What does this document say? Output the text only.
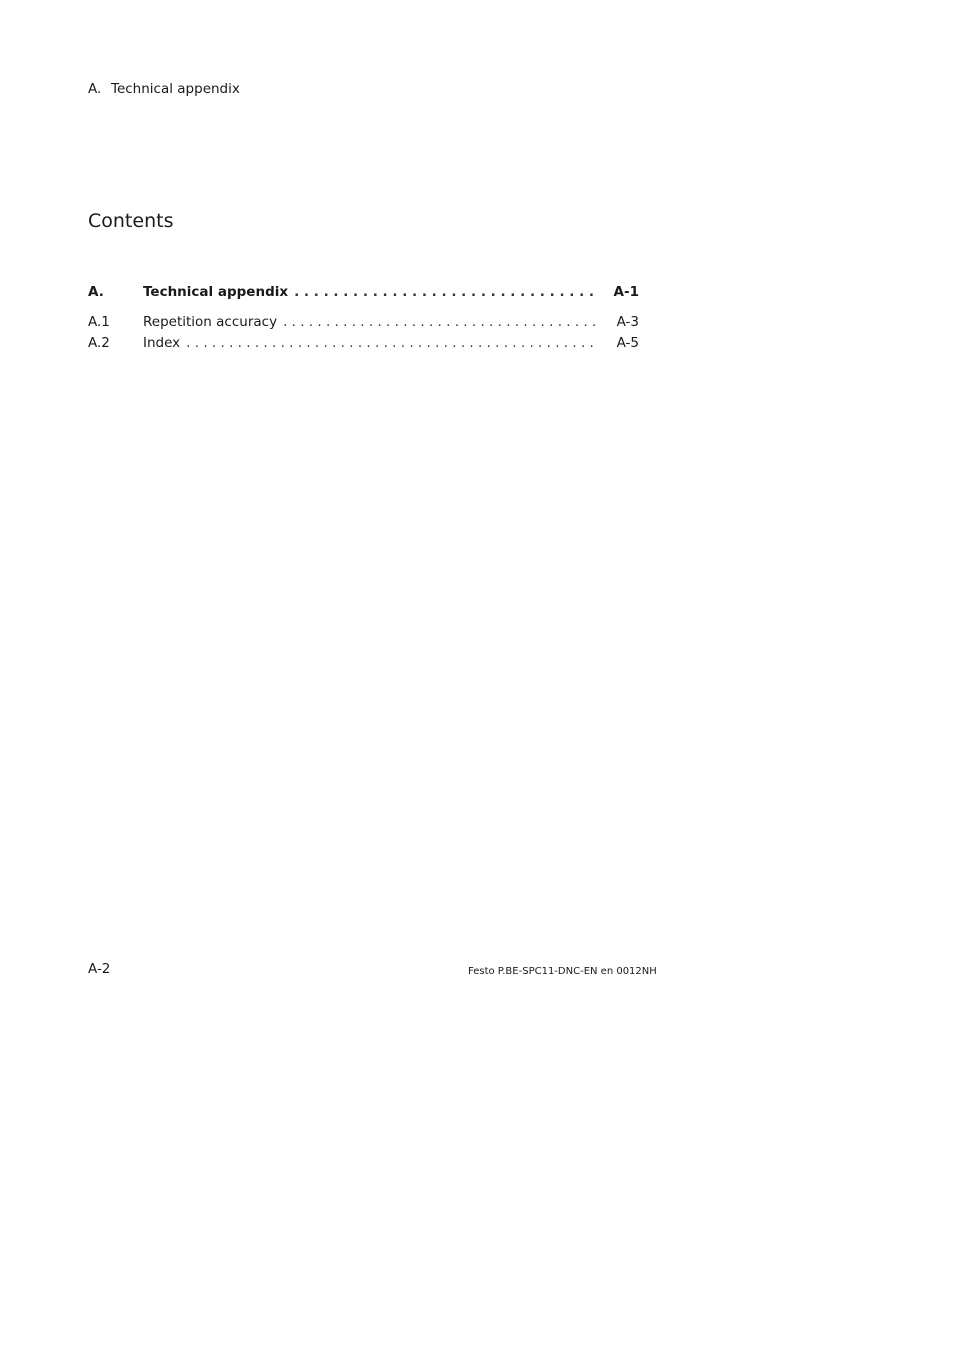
A. Technical appendix
Contents
A.	Technical appendix . . .	A-1
A.1	Repetition accuracy . . .	A-3
A.2	Index . . .	A-5
A-2	Festo P.BE-SPC11-DNC-EN en 0012NH
